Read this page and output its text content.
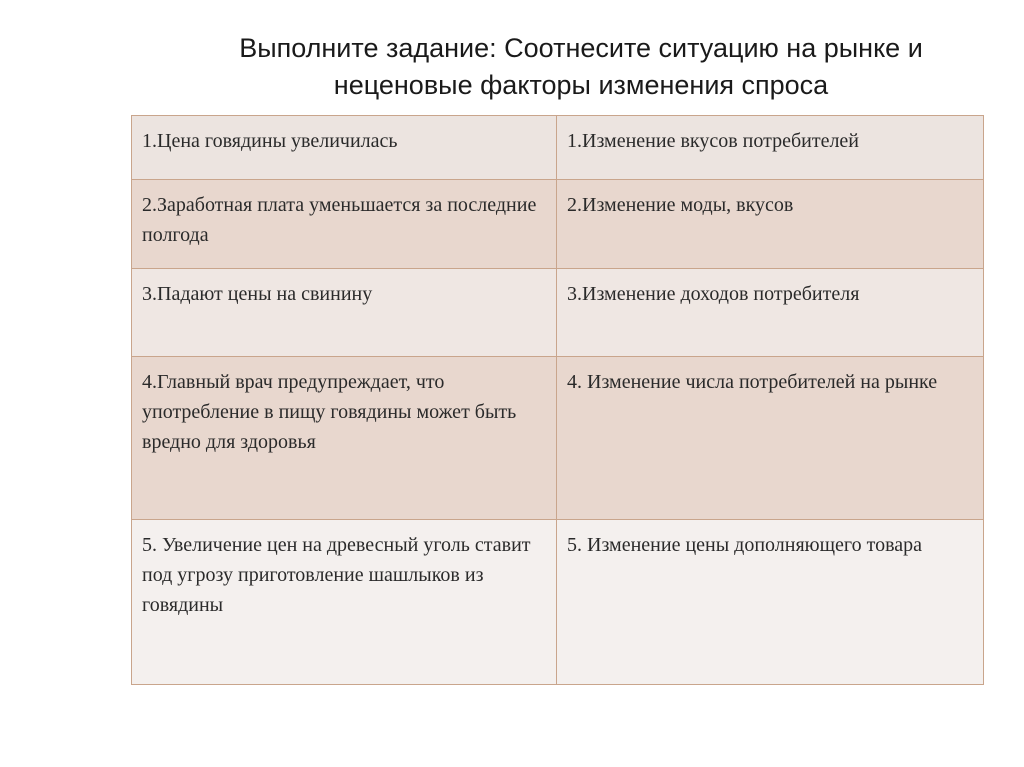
Выполните задание: Соотнесите ситуацию на рынке и
неценовые факторы изменения спроса
1.Цена говядины увеличилась	1.Изменение вкусов потребителей
2.Заработная плата уменьшается за последние полгода	2.Изменение моды, вкусов
3.Падают цены на свинину	3.Изменение доходов потребителя
4.Главный врач предупреждает, что употребление в пищу говядины может быть вредно для здоровья	4. Изменение числа потребителей на рынке
5. Увеличение цен на древесный уголь ставит под угрозу приготовление шашлыков из говядины	5. Изменение цены дополняющего товара
